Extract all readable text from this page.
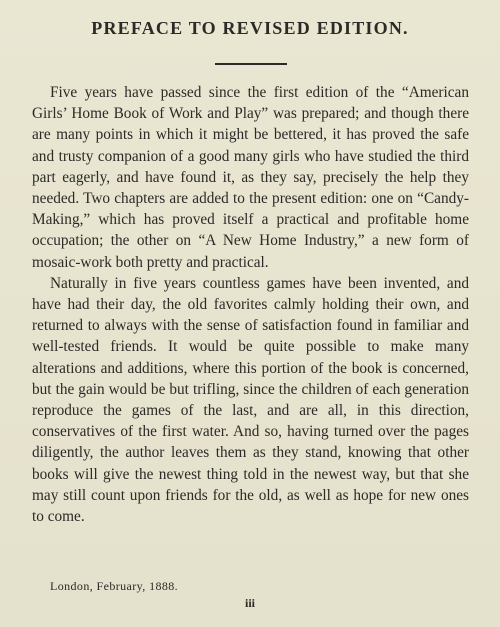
PREFACE TO REVISED EDITION.

Five years have passed since the first edition of the “American Girls’ Home Book of Work and Play” was prepared; and though there are many points in which it might be bettered, it has proved the safe and trusty companion of a good many girls who have studied the third part eagerly, and have found it, as they say, precisely the help they needed. Two chapters are added to the present edition: one on “Candy-Making,” which has proved itself a practical and profitable home occupation; the other on “A New Home Industry,” a new form of mosaic-work both pretty and practical.

Naturally in five years countless games have been invented, and have had their day, the old favorites calmly holding their own, and returned to always with the sense of satisfaction found in familiar and well-tested friends. It would be quite possible to make many alterations and additions, where this portion of the book is concerned, but the gain would be but trifling, since the children of each generation reproduce the games of the last, and are all, in this direction, conservatives of the first water. And so, having turned over the pages diligently, the author leaves them as they stand, knowing that other books will give the newest thing told in the newest way, but that she may still count upon friends for the old, as well as hope for new ones to come.

London, February, 1888.
iii
